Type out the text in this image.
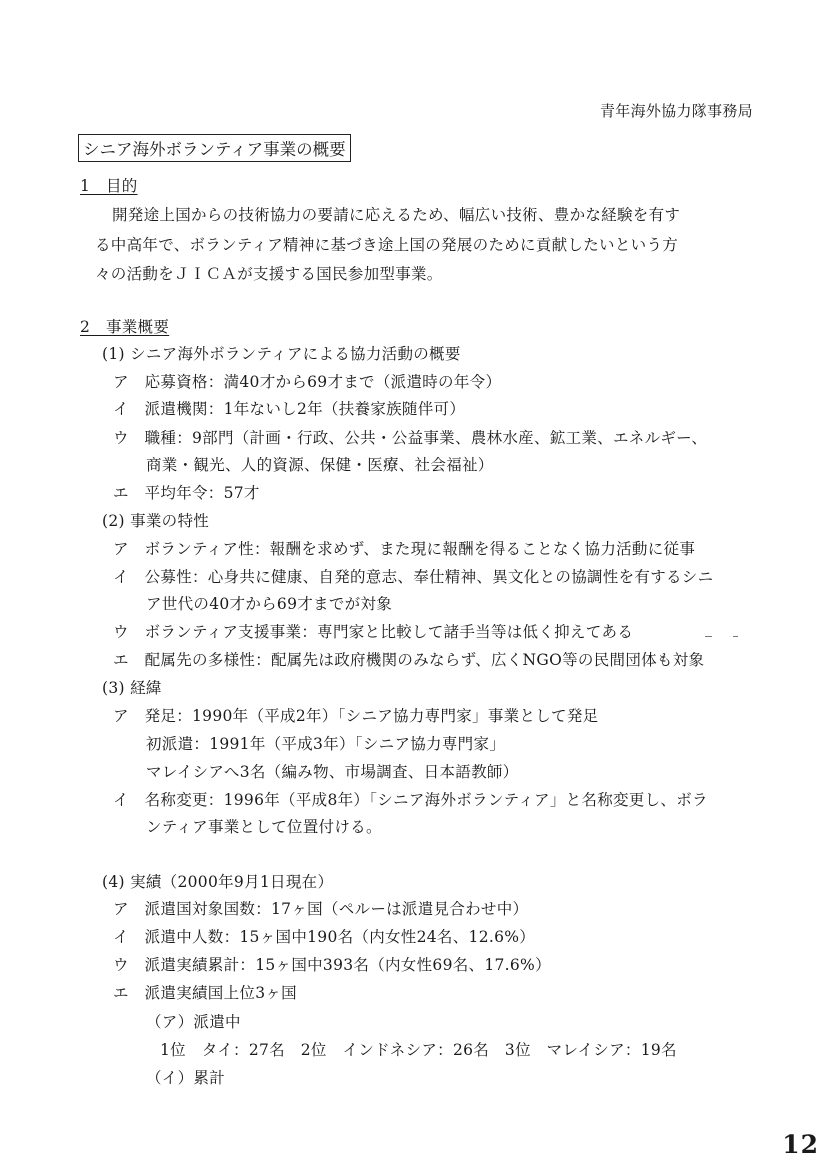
青年海外協力隊事務局
シニア海外ボランティア事業の概要
1　目的
開発途上国からの技術協力の要請に応えるため、幅広い技術、豊かな経験を有す
る中高年で、ボランティア精神に基づき途上国の発展のために貢献したいという方
々の活動をＪＩＣＡが支援する国民参加型事業。
2　事業概要
(1) シニア海外ボランティアによる協力活動の概要
ア　応募資格：満40才から69才まで（派遣時の年令）
イ　派遣機関：1年ないし2年（扶養家族随伴可）
ウ　職種：9部門（計画・行政、公共・公益事業、農林水産、鉱工業、エネルギー、
商業・観光、人的資源、保健・医療、社会福祉）
エ　平均年令：57才
(2) 事業の特性
ア　ボランティア性：報酬を求めず、また現に報酬を得ることなく協力活動に従事
イ　公募性：心身共に健康、自発的意志、奉仕精神、異文化との協調性を有するシニ
ア世代の40才から69才までが対象
ウ　ボランティア支援事業：専門家と比較して諸手当等は低く抑えてある
エ　配属先の多様性：配属先は政府機関のみならず、広くNGO等の民間団体も対象
(3) 経緯
ア　発足：1990年（平成2年）「シニア協力専門家」事業として発足
初派遣：1991年（平成3年）「シニア協力専門家」
マレイシアへ3名（編み物、市場調査、日本語教師）
イ　名称変更：1996年（平成8年）「シニア海外ボランティア」と名称変更し、ボラ
ンティア事業として位置付ける。
(4) 実績（2000年9月1日現在）
ア　派遣国対象国数：17ヶ国（ペルーは派遣見合わせ中）
イ　派遣中人数：15ヶ国中190名（内女性24名、12.6%）
ウ　派遣実績累計：15ヶ国中393名（内女性69名、17.6%）
エ　派遣実績国上位3ヶ国
（ア）派遣中
1位　タイ：27名　2位　インドネシア：26名　3位　マレイシア：19名
（イ）累計
12
